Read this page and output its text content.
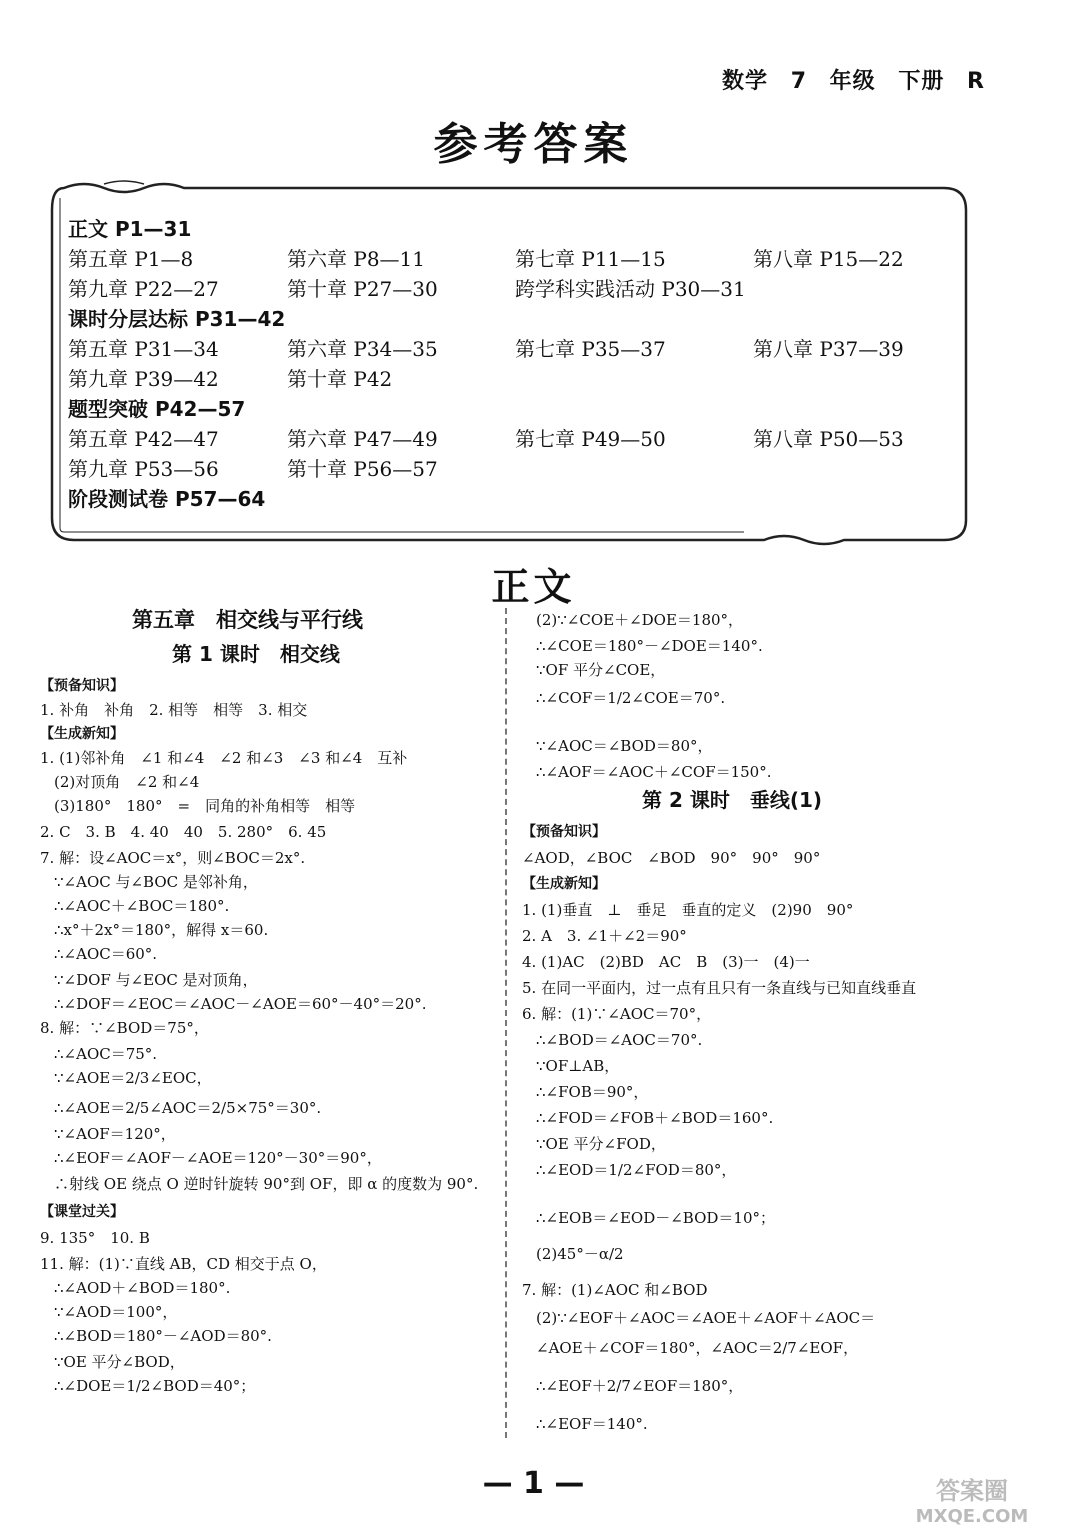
数学 7 年级 下册 R
参考答案
正文 P1—31
第五章 P1—8	第六章 P8—11	第七章 P11—15	第八章 P15—22
第九章 P22—27	第十章 P27—30	跨学科实践活动 P30—31
课时分层达标 P31—42
第五章 P31—34	第六章 P34—35	第七章 P35—37	第八章 P37—39
第九章 P39—42	第十章 P42
题型突破 P42—57
第五章 P42—47	第六章 P47—49	第七章 P49—50	第八章 P50—53
第九章 P53—56	第十章 P56—57
阶段测试卷 P57—64
正文
第五章　相交线与平行线
第 1 课时　相交线
【预备知识】
1. 补角　补角　2. 相等　相等　3. 相交
【生成新知】
1. (1)邻补角　∠1 和∠4　∠2 和∠3　∠3 和∠4　互补
(2)对顶角　∠2 和∠4
(3)180°　180°　=　同角的补角相等　相等
2. C　3. B　4. 40　40　5. 280°　6. 45
7. 解：设∠AOC＝x°，则∠BOC＝2x°.
∵∠AOC 与∠BOC 是邻补角，
∴∠AOC＋∠BOC＝180°.
∴x°＋2x°＝180°，解得 x＝60.
∴∠AOC＝60°.
∵∠DOF 与∠EOC 是对顶角，
∴∠DOF＝∠EOC＝∠AOC－∠AOE＝60°－40°＝20°.
8. 解：∵∠BOD＝75°，
∴∠AOC＝75°.
∵∠AOE＝2/3∠EOC，
∴∠AOE＝2/5∠AOC＝2/5×75°＝30°.
∵∠AOF＝120°，
∴∠EOF＝∠AOF－∠AOE＝120°－30°＝90°，
∴射线 OE 绕点 O 逆时针旋转 90°到 OF，即 α 的度数为 90°.
【课堂过关】
9. 135°　10. B
11. 解：(1)∵直线 AB，CD 相交于点 O，
∴∠AOD＋∠BOD＝180°.
∵∠AOD＝100°，
∴∠BOD＝180°－∠AOD＝80°.
∵OE 平分∠BOD，
∴∠DOE＝1/2∠BOD＝40°；
(2)∵∠COE＋∠DOE＝180°，
∴∠COE＝180°－∠DOE＝140°.
∵OF 平分∠COE，
∴∠COF＝1/2∠COE＝70°.
∵∠AOC＝∠BOD＝80°，
∴∠AOF＝∠AOC＋∠COF＝150°.
第 2 课时　垂线(1)
【预备知识】
∠AOD，∠BOC　∠BOD　90°　90°　90°
【生成新知】
1. (1)垂直　⊥　垂足　垂直的定义　(2)90　90°
2. A　3. ∠1＋∠2＝90°
4. (1)AC　(2)BD　AC　B　(3)一　(4)一
5. 在同一平面内，过一点有且只有一条直线与已知直线垂直
6. 解：(1)∵∠AOC＝70°，
∴∠BOD＝∠AOC＝70°.
∵OF⊥AB，
∴∠FOB＝90°，
∴∠FOD＝∠FOB＋∠BOD＝160°.
∵OE 平分∠FOD，
∴∠EOD＝1/2∠FOD＝80°，
∴∠EOB＝∠EOD－∠BOD＝10°；
(2)45°－α/2
7. 解：(1)∠AOC 和∠BOD
(2)∵∠EOF＋∠AOC＝∠AOE＋∠AOF＋∠AOC＝
∠AOE＋∠COF＝180°，∠AOC＝2/7∠EOF，
∴∠EOF＋2/7∠EOF＝180°，
∴∠EOF＝140°.
— 1 —	答案圈
MXQE.COM
